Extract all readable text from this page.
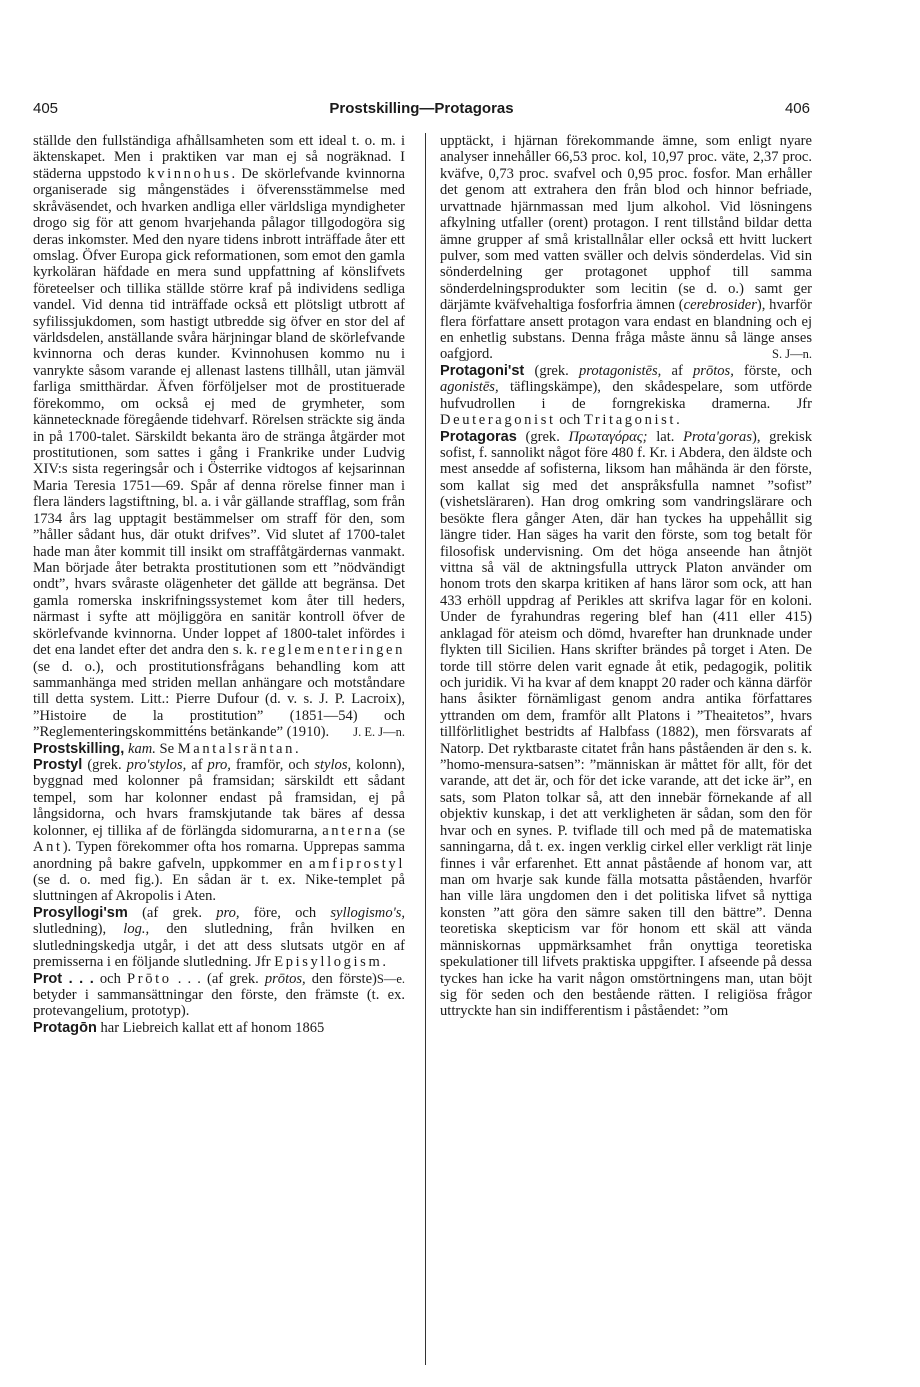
405	Prostskilling—Protagoras	406

ställde den fullständiga afhållsamheten som ett ideal t. o. m. i äktenskapet. Men i praktiken var man ej så nogräknad. I städerna uppstodo kvinnohus. De skörlefvande kvinnorna organiserade sig mångenstädes i öfverensstämmelse med skråväsendet, och hvarken andliga eller världsliga myndigheter drogo sig för att genom hvarjehanda pålagor tillgodogöra sig deras inkomster. Med den nyare tidens inbrott inträffade åter ett omslag. Öfver Europa gick reformationen, som emot den gamla kyrkoläran häfdade en mera sund uppfattning af könslifvets företeelser och tillika ställde större kraf på individens sedliga vandel. Vid denna tid inträffade också ett plötsligt utbrott af syfilissjukdomen, som hastigt utbredde sig öfver en stor del af världsdelen, anställande svåra härjningar bland de skörlefvande kvinnorna och deras kunder. Kvinnohusen kommo nu i vanrykte såsom varande ej allenast lastens tillhåll, utan jämväl farliga smitthärdar. Äfven förföljelser mot de prostituerade förekommo, om också ej med de grymheter, som kännetecknade föregående tidehvarf. Rörelsen sträckte sig ända in på 1700-talet. Särskildt bekanta äro de stränga åtgärder mot prostitutionen, som sattes i gång i Frankrike under Ludvig XIV:s sista regeringsår och i Österrike vidtogos af kejsarinnan Maria Teresia 1751—69. Spår af denna rörelse finner man i flera länders lagstiftning, bl. a. i vår gällande strafflag, som från 1734 års lag upptagit bestämmelser om straff för den, som ”håller sådant hus, där otukt drifves”. Vid slutet af 1700-talet hade man åter kommit till insikt om straffåtgärdernas vanmakt. Man började åter betrakta prostitutionen som ett ”nödvändigt ondt”, hvars svåraste olägenheter det gällde att begränsa. Det gamla romerska inskrifningssystemet kom åter till heders, närmast i syfte att möjliggöra en sanitär kontroll öfver de skörlefvande kvinnorna. Under loppet af 1800-talet infördes i det ena landet efter det andra den s. k. reglementeringen (se d. o.), och prostitutionsfrågans behandling kom att sammanhänga med striden mellan anhängare och motståndare till detta system. Litt.: Pierre Dufour (d. v. s. J. P. Lacroix), ”Histoire de la prostitution” (1851—54) och ”Reglementeringskommitténs betänkande” (1910). J. E. J—n.

Prostskilling, kam. Se Mantalsräntan.

Prostyl (grek. pro'stylos, af pro, framför, och stylos, kolonn), byggnad med kolonner på framsidan; särskildt ett sådant tempel, som har kolonner endast på framsidan, ej på långsidorna, och hvars framskjutande tak bäres af dessa kolonner, ej tillika af de förlängda sidomurarna, anterna (se Ant). Typen förekommer ofta hos romarna. Upprepas samma anordning på bakre gafveln, uppkommer en amfiprostyl (se d. o. med fig.). En sådan är t. ex. Nike-templet på sluttningen af Akropolis i Aten.

Prosyllogi'sm (af grek. pro, före, och syllogismo's, slutledning), log., den slutledning, från hvilken en slutledningskedja utgår, i det att dess slutsats utgör en af premisserna i en följande slutledning. Jfr Episyllogism.
S—e.

Prot . . . och Prōto . . . (af grek. prōtos, den förste) betyder i sammansättningar den förste, den främste (t. ex. protevangelium, prototyp).

Protagōn har Liebreich kallat ett af honom 1865

upptäckt, i hjärnan förekommande ämne, som enligt nyare analyser innehåller 66,53 proc. kol, 10,97 proc. väte, 2,37 proc. kväfve, 0,73 proc. svafvel och 0,95 proc. fosfor. Man erhåller det genom att extrahera den från blod och hinnor befriade, urvattnade hjärnmassan med ljum alkohol. Vid lösningens afkylning utfaller (orent) protagon. I rent tillstånd bildar detta ämne grupper af små kristallnålar eller också ett hvitt luckert pulver, som med vatten sväller och delvis sönderdelas. Vid sin sönderdelning ger protagonet upphof till samma sönderdelningsprodukter som lecitin (se d. o.) samt ger därjämte kväfvehaltiga fosforfria ämnen (cerebrosider), hvarför flera författare ansett protagon vara endast en blandning och ej en enhetlig substans. Denna fråga måste ännu så länge anses oafgjord.	S. J—n.

Protagoni'st (grek. protagonistēs, af prōtos, förste, och agonistēs, täflingskämpe), den skådespelare, som utförde hufvudrollen i de forngrekiska dramerna. Jfr Deuteragonist och Tritagonist.

Protagoras (grek. Πρωταγόρας; lat. Prota'goras), grekisk sofist, f. sannolikt något före 480 f. Kr. i Abdera, den äldste och mest ansedde af sofisterna, liksom han måhända är den förste, som kallat sig med det anspråksfulla namnet ”sofist” (vishetsläraren). Han drog omkring som vandringslärare och besökte flera gånger Aten, där han tyckes ha uppehållit sig längre tider. Han säges ha varit den förste, som tog betalt för filosofisk undervisning. Om det höga anseende han åtnjöt vittna så väl de aktningsfulla uttryck Platon använder om honom trots den skarpa kritiken af hans läror som ock, att han 433 erhöll uppdrag af Perikles att skrifva lagar för en koloni. Under de fyrahundras regering blef han (411 eller 415) anklagad för ateism och dömd, hvarefter han drunknade under flykten till Sicilien. Hans skrifter brändes på torget i Aten. De torde till större delen varit egnade åt etik, pedagogik, politik och juridik. Vi ha kvar af dem knappt 20 rader och känna därför hans åsikter förnämligast genom andra antika författares yttranden om dem, framför allt Platons i ”Theaitetos”, hvars tillförlitlighet bestridts af Halbfass (1882), men försvarats af Natorp. Det ryktbaraste citatet från hans påståenden är den s. k. ”homo-mensura-satsen”: ”människan är måttet för allt, för det varande, att det är, och för det icke varande, att det icke är”, en sats, som Platon tolkar så, att den innebär förnekande af all objektiv kunskap, i det att verkligheten är sådan, som den för hvar och en synes. P. tviflade till och med på de matematiska sanningarna, då t. ex. ingen verklig cirkel eller verkligt rät linje finnes i vår erfarenhet. Ett annat påstående af honom var, att man om hvarje sak kunde fälla motsatta påståenden, hvarför han ville lära ungdomen den i det politiska lifvet så nyttiga konsten ”att göra den sämre saken till den bättre”. Denna teoretiska skepticism var för honom ett skäl att vända människornas uppmärksamhet från onyttiga teoretiska spekulationer till lifvets praktiska uppgifter. I afseende på dessa tyckes han icke ha varit någon omstörtningens man, utan böjt sig för seden och den bestående rätten. I religiösa frågor uttryckte han sin indifferentism i påståendet: ”om
